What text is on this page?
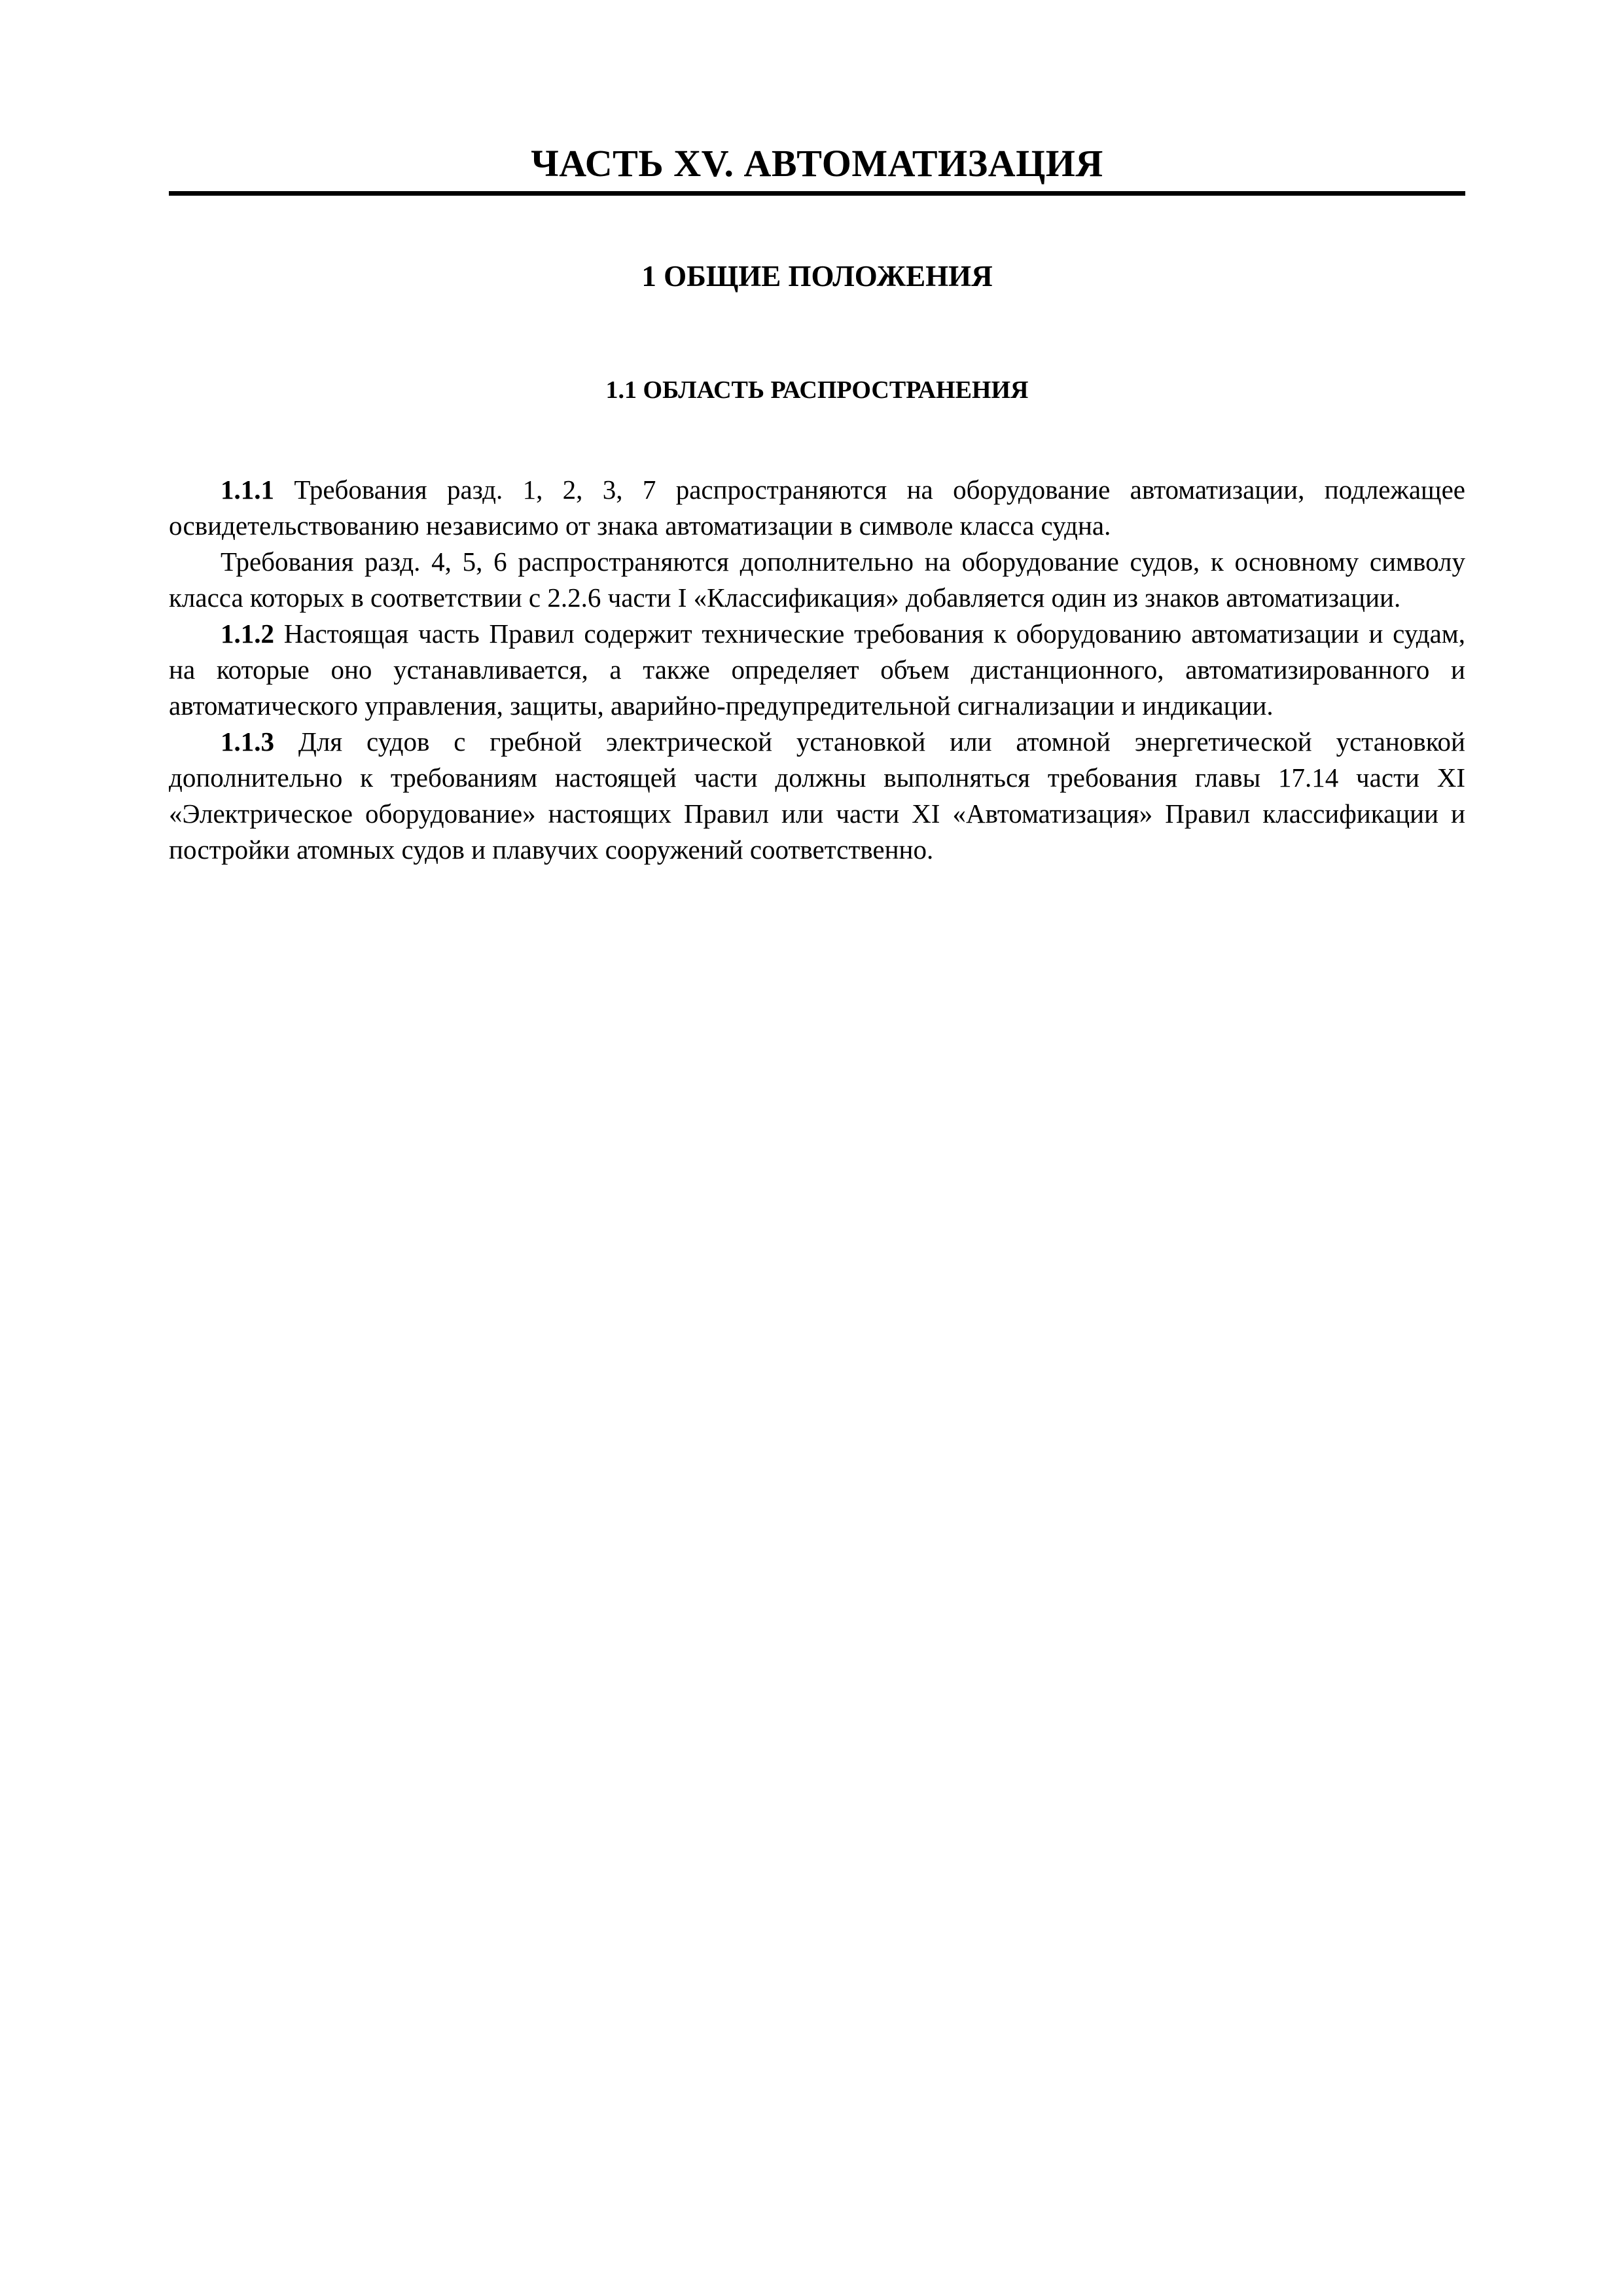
ЧАСТЬ XV. АВТОМАТИЗАЦИЯ
1 ОБЩИЕ ПОЛОЖЕНИЯ
1.1 ОБЛАСТЬ РАСПРОСТРАНЕНИЯ

1.1.1 Требования разд. 1, 2, 3, 7 распространяются на оборудование автоматизации, подлежащее освидетельствованию независимо от знака автоматизации в символе класса судна.

Требования разд. 4, 5, 6 распространяются дополнительно на оборудование судов, к основному символу класса которых в соответствии с 2.2.6 части I «Классификация» добавляется один из знаков автоматизации.

1.1.2 Настоящая часть Правил содержит технические требования к оборудованию автоматизации и судам, на которые оно устанавливается, а также определяет объем дистанционного, автоматизированного и автоматического управления, защиты, аварийно-предупредительной сигнализации и индикации.

1.1.3 Для судов с гребной электрической установкой или атомной энергетической установкой дополнительно к требованиям настоящей части должны выполняться требования главы 17.14 части XI «Электрическое оборудование» настоящих Правил или части XI «Автоматизация» Правил классификации и постройки атомных судов и плавучих сооружений соответственно.
